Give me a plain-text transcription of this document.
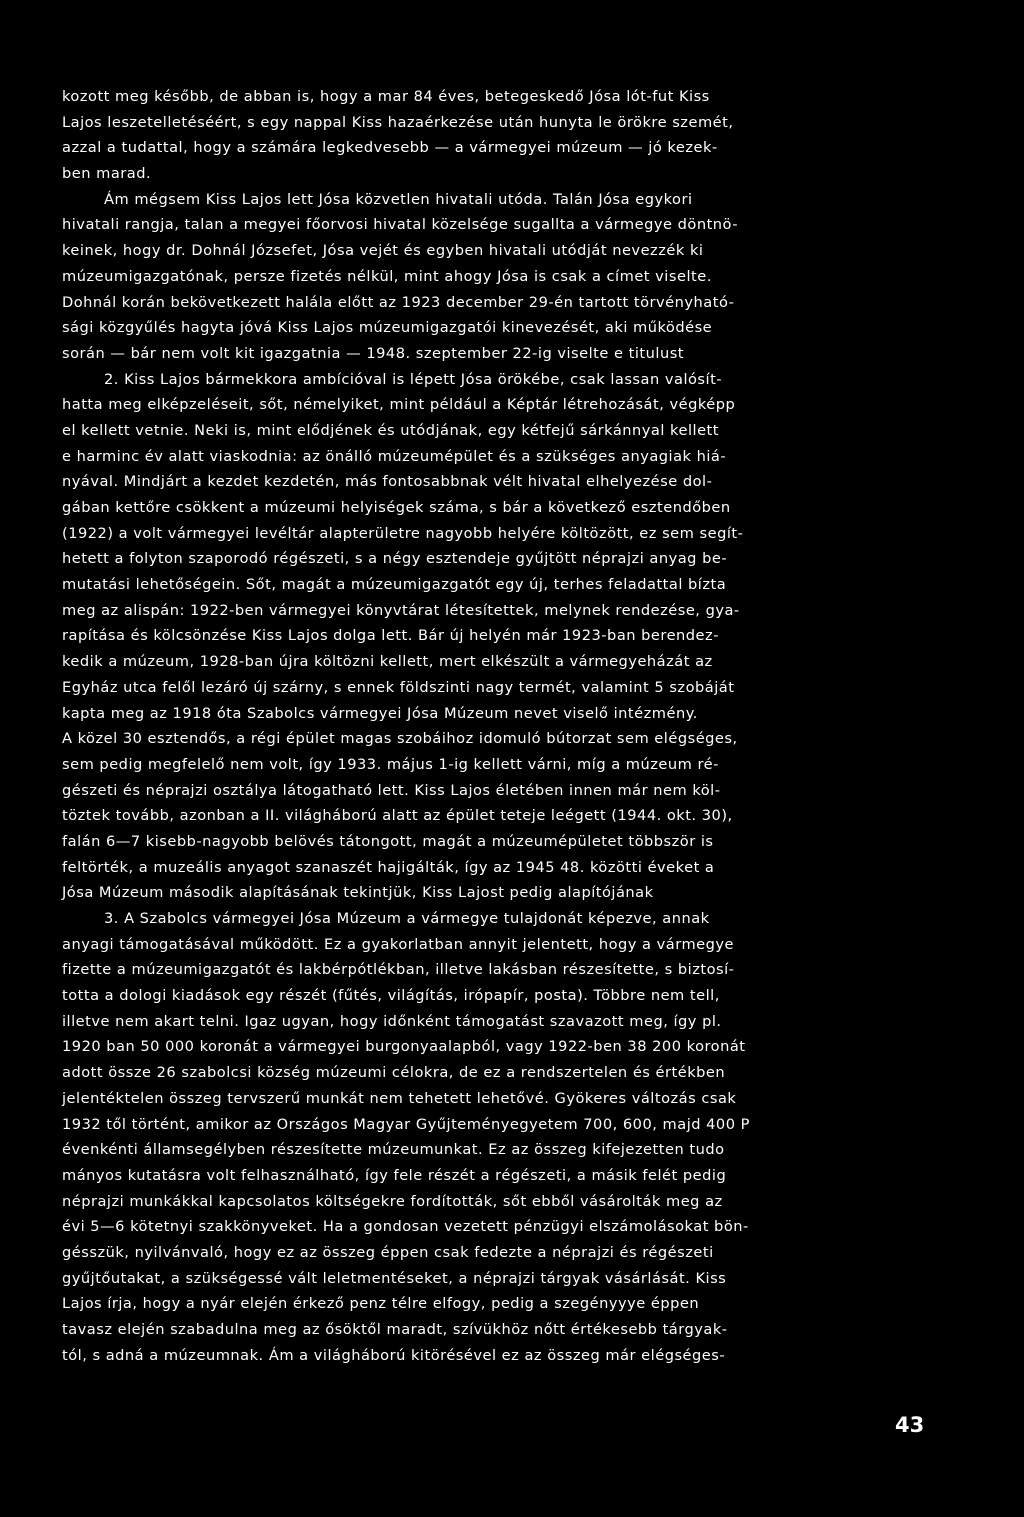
kozott meg később, de abban is, hogy a mar 84 éves, betegeskedő Jósa lót-fut Kiss
Lajos leszetelletéséért, s egy nappal Kiss hazaérkezése után hunyta le örökre szemét,
azzal a tudattal, hogy a számára legkedvesebb — a vármegyei múzeum — jó kezek-
ben marad.
Ám mégsem Kiss Lajos lett Jósa közvetlen hivatali utóda. Talán Jósa egykori
hivatali rangja, talan a megyei főorvosi hivatal közelsége sugallta a vármegye döntnö-
keinek, hogy dr. Dohnál Józsefet, Jósa vejét és egyben hivatali utódját nevezzék ki
múzeumigazgatónak, persze fizetés nélkül, mint ahogy Jósa is csak a címet viselte.
Dohnál korán bekövetkezett halála előtt az 1923 december 29-én tartott törvényható-
sági közgyűlés hagyta jóvá Kiss Lajos múzeumigazgatói kinevezését, aki működése
során — bár nem volt kit igazgatnia — 1948. szeptember 22-ig viselte e titulust
2. Kiss Lajos bármekkora ambícióval is lépett Jósa örökébe, csak lassan valósít-
hatta meg elképzeléseit, sőt, némelyiket, mint például a Képtár létrehozását, végképp
el kellett vetnie. Neki is, mint elődjének és utódjának, egy kétfejű sárkánnyal kellett
e harminc év alatt viaskodnia: az önálló múzeumépület és a szükséges anyagiak hiá-
nyával. Mindjárt a kezdet kezdetén, más fontosabbnak vélt hivatal elhelyezése dol-
gában kettőre csökkent a múzeumi helyiségek száma, s bár a következő esztendőben
(1922) a volt vármegyei levéltár alapterületre nagyobb helyére költözött, ez sem segít-
hetett a folyton szaporodó régészeti, s a négy esztendeje gyűjtött néprajzi anyag be-
mutatási lehetőségein. Sőt, magát a múzeumigazgatót egy új, terhes feladattal bízta
meg az alispán: 1922-ben vármegyei könyvtárat létesítettek, melynek rendezése, gya-
rapítása és kölcsönzése Kiss Lajos dolga lett. Bár új helyén már 1923-ban berendez-
kedik a múzeum, 1928-ban újra költözni kellett, mert elkészült a vármegyeházát az
Egyház utca felől lezáró új szárny, s ennek földszinti nagy termét, valamint 5 szobáját
kapta meg az 1918 óta Szabolcs vármegyei Jósa Múzeum nevet viselő intézmény.
A közel 30 esztendős, a régi épület magas szobáihoz idomuló bútorzat sem elégséges,
sem pedig megfelelő nem volt, így 1933. május 1-ig kellett várni, míg a múzeum ré-
gészeti és néprajzi osztálya látogatható lett. Kiss Lajos életében innen már nem köl-
töztek tovább, azonban a II. világháború alatt az épület teteje leégett (1944. okt. 30),
falán 6—7 kisebb-nagyobb belövés tátongott, magát a múzeumépületet többször is
feltörték, a muzeális anyagot szanaszét hajigálták, így az 1945 48. közötti éveket a
Jósa Múzeum második alapításának tekintjük, Kiss Lajost pedig alapítójának
3. A Szabolcs vármegyei Jósa Múzeum a vármegye tulajdonát képezve, annak
anyagi támogatásával működött. Ez a gyakorlatban annyit jelentett, hogy a vármegye
fizette a múzeumigazgatót és lakbérpótlékban, illetve lakásban részesítette, s biztosí-
totta a dologi kiadások egy részét (fűtés, világítás, irópapír, posta). Többre nem tell,
illetve nem akart telni. Igaz ugyan, hogy időnként támogatást szavazott meg, így pl.
1920 ban 50 000 koronát a vármegyei burgonyaalapból, vagy 1922-ben 38 200 koronát
adott össze 26 szabolcsi község múzeumi célokra, de ez a rendszertelen és értékben
jelentéktelen összeg tervszerű munkát nem tehetett lehetővé. Gyökeres változás csak
1932 től történt, amikor az Országos Magyar Gyűjteményegyetem 700, 600, majd 400 P
évenkénti államsegélyben részesítette múzeumunkat. Ez az összeg kifejezetten tudo
mányos kutatásra volt felhasználható, így fele részét a régészeti, a másik felét pedig
néprajzi munkákkal kapcsolatos költségekre fordították, sőt ebből vásárolták meg az
évi 5—6 kötetnyi szakkönyveket. Ha a gondosan vezetett pénzügyi elszámolásokat bön-
gésszük, nyilvánvaló, hogy ez az összeg éppen csak fedezte a néprajzi és régészeti
gyűjtőutakat, a szükségessé vált leletmentéseket, a néprajzi tárgyak vásárlását. Kiss
Lajos írja, hogy a nyár elején érkező penz télre elfogy, pedig a szegényyye éppen
tavasz elején szabadulna meg az ősöktől maradt, szívükhöz nőtt értékesebb tárgyak-
tól, s adná a múzeumnak. Ám a világháború kitörésével ez az összeg már elégséges-
43
